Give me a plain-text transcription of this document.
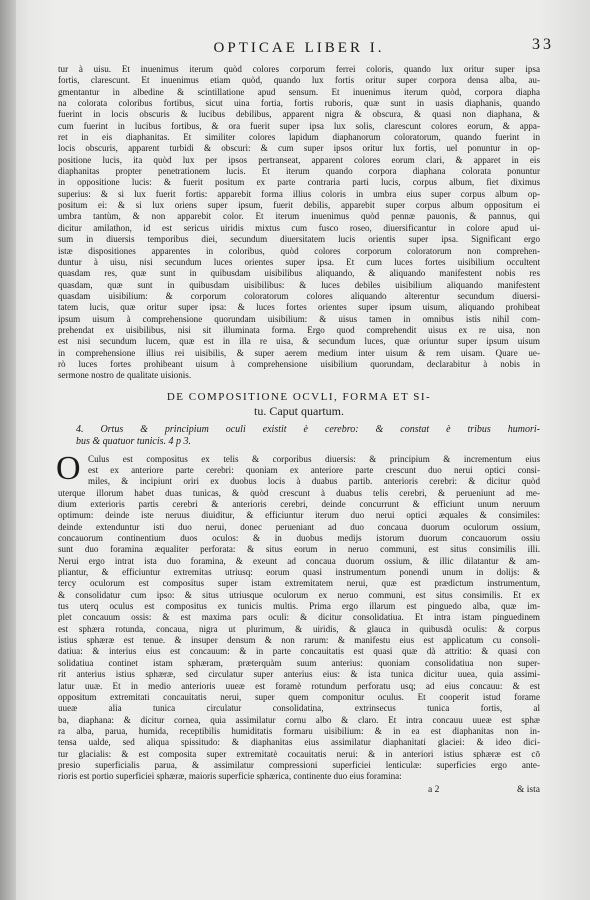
OPTICAE LIBER I.	33
tur à uisu. Et inuenimus iterum quòd colores corporum ferrei coloris, quando lux oritur super ipsa
fortis, clarescunt. Et inuenimus etiam quòd, quando lux fortis oritur super corpora densa alba, au-
gmentantur in albedine & scintillatione apud sensum. Et inuenimus iterum quòd, corpora diapha
na colorata coloribus fortibus, sicut uina fortia, fortis ruboris, quæ sunt in uasis diaphanis, quando
fuerint in locis obscuris & lucibus debilibus, apparent nigra & obscura, & quasi non diaphana, &
cum fuerint in lucibus fortibus, & ora fuerit super ipsa lux solis, clarescunt colores eorum, & appa-
ret in eis diaphanitas. Et similiter colores lapidum diaphanorum coloratorum, quando fuerint in
locis obscuris, apparent turbidi & obscuri: & cum super ipsos oritur lux fortis, uel ponuntur in op-
positione lucis, ita quòd lux per ipsos pertranseat, apparent colores eorum clari, & apparet in eis
diaphanitas propter penetrationem lucis. Et iterum quando corpora diaphana colorata ponuntur
in oppositione lucis: & fuerit positum ex parte contraria parti lucis, corpus album, fiet diximus
superius: & si lux fuerit fortis: apparebit forma illius coloris in umbra eius super corpus album op-
positum ei: & si lux oriens super ipsum, fuerit debilis, apparebit super corpus album oppositum ei
umbra tantùm, & non apparebit color. Et iterum inuenimus quòd pennæ pauonis, & pannus, qui
dicitur amilathon, id est sericus uiridis mixtus cum fusco roseo, diuersificantur in colore apud ui-
sum in diuersis temporibus diei, secundum diuersitatem lucis orientis super ipsa. Significant ergo
istæ dispositiones apparentes in coloribus, quòd colores corporum coloratorum non comprehen-
duntur à uisu, nisi secundum luces orientes super ipsa. Et cum luces fortes uisibilium occultent
quasdam res, quæ sunt in quibusdam uisibilibus aliquando, & aliquando manifestent nobis res
quasdam, quæ sunt in quibusdam uisibilibus: & luces debiles uisibilium aliquando manifestent
quasdam uisibilium: & corporum coloratorum colores aliquando alterentur secundum diuersi-
tatem lucis, quæ oritur super ipsa: & luces fortes orientes super ipsum uisum, aliquando prohibeat
ipsum uisum à comprehensione quorundam uisibilium: & uisus tamen in omnibus istis nihil com-
prehendat ex uisibilibus, nisi sit illuminata forma. Ergo quod comprehendit uisus ex re uisa, non
est nisi secundum lucem, quæ est in illa re uisa, & secundum luces, quæ oriuntur super ipsum uisum
in comprehensione illius rei uisibilis, & super aerem medium inter uisum & rem uisam. Quare ue-
rò luces fortes prohibeant uisum à comprehensione uisibilium quorundam, declarabitur à nobis in
sermone nostro de qualitate uisionis.
DE COMPOSITIONE OCVLI, FORMA ET SI-
tu. Caput quartum.
4. Ortus & principium oculi existit è cerebro: & constat è tribus humori-
bus & quatuor tunicis. 4 p 3.
O Culus est compositus ex telis & corporibus diuersis: & principium & incrementum eius
est ex anteriore parte cerebri: quoniam ex anteriore parte crescunt duo nerui optici consi-
miles, & incipiunt oriri ex duobus locis à duabus partib. anterioris cerebri: & dicitur quòd
uterque illorum habet duas tunicas, & quòd crescunt à duabus telis cerebri, & perueniunt ad me-
dium exterioris partis cerebri & anterioris cerebri, deinde concurrunt & efficiunt unum neruum
optimum: deinde iste neruus diuiditur, & efficiuntur iterum duo nerui optici æquales & consimiles:
deinde extenduntur isti duo nerui, donec perueniant ad duo concaua duorum oculorum ossium,
concauorum continentium duos oculos: & in duobus medijs istorum duorum concauorum ossiu
sunt duo foramina æqualiter perforata: & situs eorum in neruo communi, est situs consimilis illi.
Nerui ergo intrat ista duo foramina, & exeunt ad concaua duorum ossium, & illic dilatantur & am-
pliantur, & efficiuntur extremitas utriusq: eorum quasi instrumentum ponendi unum in dolijs: &
tercy oculorum est compositus super istam extremitatem nerui, quæ est prædictum instrumentum,
& consolidatur cum ipso: & situs utriusque oculorum ex neruo communi, est situs consimilis. Et ex
tus uterq oculus est compositus ex tunicis multis. Prima ergo illarum est pinguedo alba, quæ im-
plet concauum ossis: & est maxima pars oculi: & dicitur consolidatiua. Et intra istam pinguedinem
est sphæra rotunda, concaua, nigra ut plurimum, & uiridis, & glauca in quibusdà oculis: & corpus
istius sphæræ est tenue. & insuper densum & non rarum: & manifestu eius est applicatum cu consoli-
datiua: & interius eius est concauum: & in parte concauitatis est quasi quæ dà attritio: & quasi con
solidatiua continet istam sphæram, præterquàm suum anterius: quoniam consolidatiua non super-
rit anterius istius sphæræ, sed circulatur super anterius eius: & ista tunica dicitur uuea, quia assimi-
latur uuæ. Et in medio anterioris uueæ est foramè rotundum perforatu usq; ad eius concauu: & est
oppositum extremitati concauitatis nerui, super quem componitur oculus. Et cooperit istud forame
uueæ alia tunica circulatur consolidatina, extrinsecus tunica fortis, al
ba, diaphana: & dicitur cornea, quia assimilatur cornu albo & claro. Et intra concauu uueæ est sphæ
ra alba, parua, humida, receptibilis humiditatis formaru uisibilium: & in ea est diaphanitas non in-
tensa ualde, sed aliqua spissitudo: & diaphanitas eius assimilatur diaphanitati glaciei: & ideo dici-
tur glacialis: & est composita super extremitatè cocauitatis nerui: & in anteriori istius sphæræ est cō
presio superficialis parua, & assimilatur compressioni superficiei lenticulæ: superficies ergo ante-
rioris est portio superficiei sphæræ, maioris superficie sphærica, continente duo eius foramina:
a 2	& ista
